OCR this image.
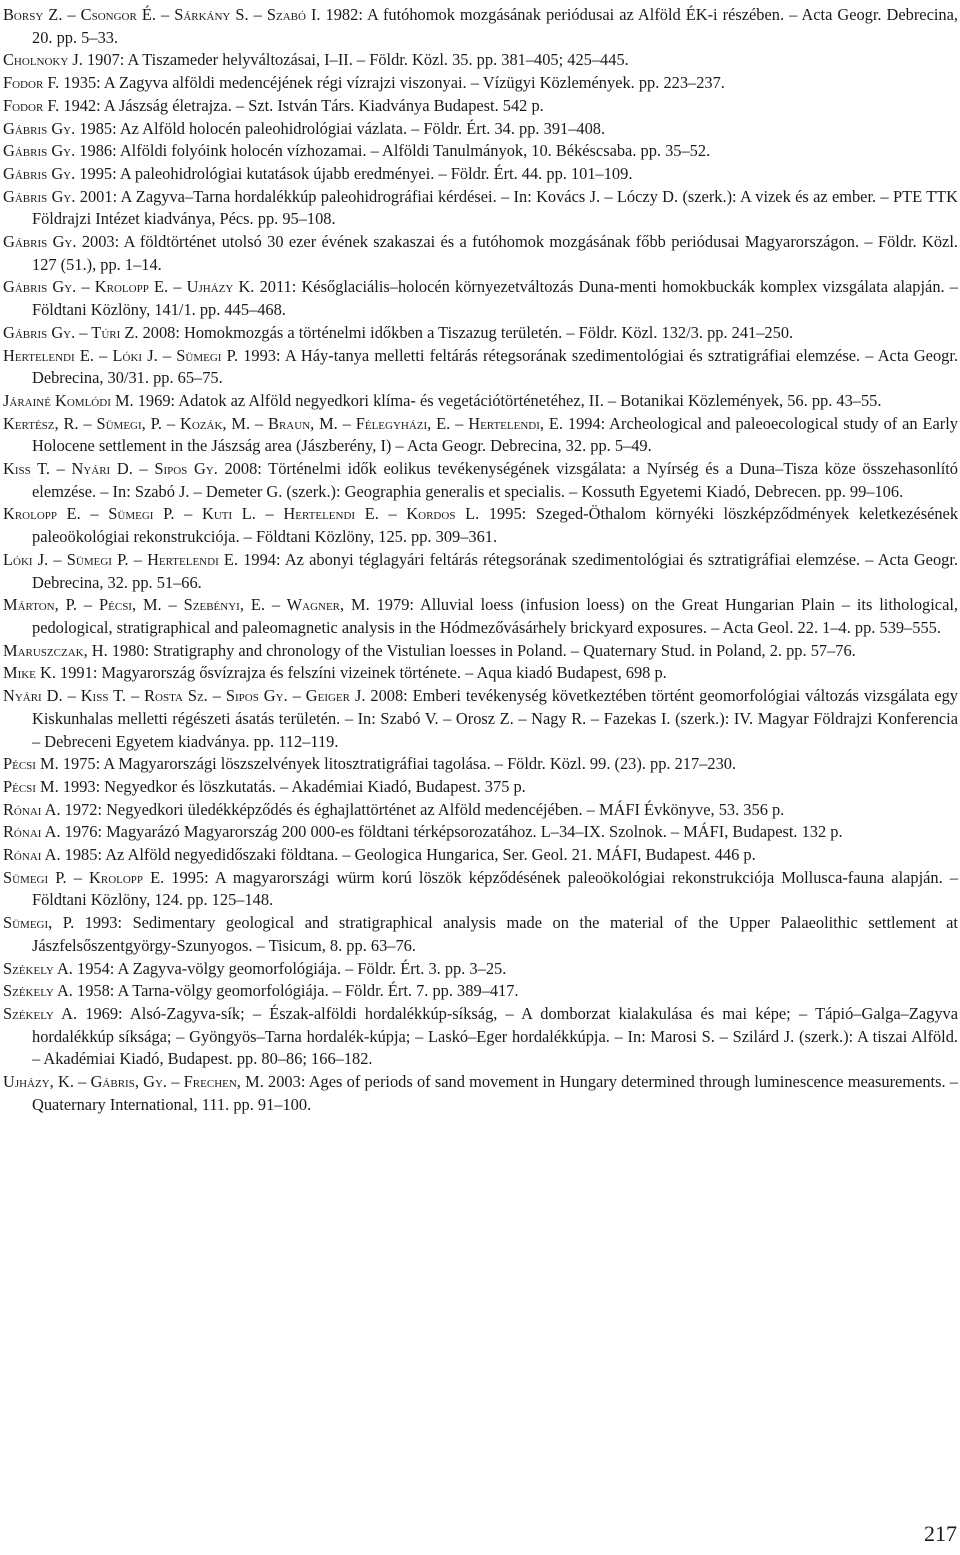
Borsy Z. – Csongor É. – Sárkány S. – Szabó I. 1982: A futóhomok mozgásának periódusai az Alföld ÉK-i részében. – Acta Geogr. Debrecina, 20. pp. 5–33.

Cholnoky J. 1907: A Tiszameder helyváltozásai, I–II. – Földr. Közl. 35. pp. 381–405; 425–445.

Fodor F. 1935: A Zagyva alföldi medencéjének régi vízrajzi viszonyai. – Vízügyi Közlemények. pp. 223–237.

Fodor F. 1942: A Jászság életrajza. – Szt. István Társ. Kiadványa Budapest. 542 p.

Gábris Gy. 1985: Az Alföld holocén paleohidrológiai vázlata. – Földr. Ért. 34. pp. 391–408.

Gábris Gy. 1986: Alföldi folyóink holocén vízhozamai. – Alföldi Tanulmányok, 10. Békéscsaba. pp. 35–52.

Gábris Gy. 1995: A paleohidrológiai kutatások újabb eredményei. – Földr. Ért. 44. pp. 101–109.

Gábris Gy. 2001: A Zagyva–Tarna hordalékkúp paleohidrográfiai kérdései. – In: Kovács J. – Lóczy D. (szerk.): A vizek és az ember. – PTE TTK Földrajzi Intézet kiadványa, Pécs. pp. 95–108.

Gábris Gy. 2003: A földtörténet utolsó 30 ezer évének szakaszai és a futóhomok mozgásának főbb periódusai Magyarországon. – Földr. Közl. 127 (51.), pp. 1–14.

Gábris Gy. – Krolopp E. – Ujházy K. 2011: Későglaciális–holocén környezetváltozás Duna-menti homokbuckák komplex vizsgálata alapján. – Földtani Közlöny, 141/1. pp. 445–468.

Gábris Gy. – Túri Z. 2008: Homokmozgás a történelmi időkben a Tiszazug területén. – Földr. Közl. 132/3. pp. 241–250.

Hertelendi E. – Lóki J. – Sümegi P. 1993: A Háy-tanya melletti feltárás rétegsorának szedimentológiai és sztratigráfiai elemzése. – Acta Geogr. Debrecina, 30/31. pp. 65–75.

Járainé Komlódi M. 1969: Adatok az Alföld negyedkori klíma- és vegetációtörténetéhez, II. – Botanikai Közlemények, 56. pp. 43–55.

Kertész, R. – Sümegi, P. – Kozák, M. – Braun, M. – Félegyházi, E. – Hertelendi, E. 1994: Archeological and paleoecological study of an Early Holocene settlement in the Jászság area (Jászberény, I) – Acta Geogr. Debrecina, 32. pp. 5–49.

Kiss T. – Nyári D. – Sipos Gy. 2008: Történelmi idők eolikus tevékenységének vizsgálata: a Nyírség és a Duna–Tisza köze összehasonlító elemzése. – In: Szabó J. – Demeter G. (szerk.): Geographia generalis et specialis. – Kossuth Egyetemi Kiadó, Debrecen. pp. 99–106.

Krolopp E. – Sümegi P. – Kuti L. – Hertelendi E. – Kordos L. 1995: Szeged-Öthalom környéki löszképződmények keletkezésének paleoökológiai rekonstrukciója. – Földtani Közlöny, 125. pp. 309–361.

Lóki J. – Sümegi P. – Hertelendi E. 1994: Az abonyi téglagyári feltárás rétegsorának szedimentológiai és sztratigráfiai elemzése. – Acta Geogr. Debrecina, 32. pp. 51–66.

Márton, P. – Pécsi, M. – Szebényi, E. – Wagner, M. 1979: Alluvial loess (infusion loess) on the Great Hungarian Plain – its lithological, pedological, stratigraphical and paleomagnetic analysis in the Hódmezővásárhely brickyard exposures. – Acta Geol. 22. 1–4. pp. 539–555.

Maruszczak, H. 1980: Stratigraphy and chronology of the Vistulian loesses in Poland. – Quaternary Stud. in Poland, 2. pp. 57–76.

Mike K. 1991: Magyarország ősvízrajza és felszíni vizeinek története. – Aqua kiadó Budapest, 698 p.

Nyári D. – Kiss T. – Rosta Sz. – Sipos Gy. – Geiger J. 2008: Emberi tevékenység következtében történt geomorfológiai változás vizsgálata egy Kiskunhalas melletti régészeti ásatás területén. – In: Szabó V. – Orosz Z. – Nagy R. – Fazekas I. (szerk.): IV. Magyar Földrajzi Konferencia – Debreceni Egyetem kiadványa. pp. 112–119.

Pécsi M. 1975: A Magyarországi löszszelvények litosztratigráfiai tagolása. – Földr. Közl. 99. (23). pp. 217–230.

Pécsi M. 1993: Negyedkor és löszkutatás. – Akadémiai Kiadó, Budapest. 375 p.

Rónai A. 1972: Negyedkori üledékképződés és éghajlattörténet az Alföld medencéjében. – MÁFI Évkönyve, 53. 356 p.

Rónai A. 1976: Magyarázó Magyarország 200 000-es földtani térképsorozatához. L–34–IX. Szolnok. – MÁFI, Budapest. 132 p.

Rónai A. 1985: Az Alföld negyedidőszaki földtana. – Geologica Hungarica, Ser. Geol. 21. MÁFI, Budapest. 446 p.

Sümegi P. – Krolopp E. 1995: A magyarországi würm korú löszök képződésének paleoökológiai rekonstrukciója Mollusca-fauna alapján. – Földtani Közlöny, 124. pp. 125–148.

Sümegi, P. 1993: Sedimentary geological and stratigraphical analysis made on the material of the Upper Palaeolithic settlement at Jászfelsőszentgyörgy-Szunyogos. – Tisicum, 8. pp. 63–76.

Székely A. 1954: A Zagyva-völgy geomorfológiája. – Földr. Ért. 3. pp. 3–25.

Székely A. 1958: A Tarna-völgy geomorfológiája. – Földr. Ért. 7. pp. 389–417.

Székely A. 1969: Alsó-Zagyva-sík; – Észak-alföldi hordalékkúp-síkság, – A domborzat kialakulása és mai képe; – Tápió–Galga–Zagyva hordalékkúp síksága; – Gyöngyös–Tarna hordalék-kúpja; – Laskó–Eger hordalékkúpja. – In: Marosi S. – Szilárd J. (szerk.): A tiszai Alföld. – Akadémiai Kiadó, Budapest. pp. 80–86; 166–182.

Ujházy, K. – Gábris, Gy. – Frechen, M. 2003: Ages of periods of sand movement in Hungary determined through luminescence measurements. – Quaternary International, 111. pp. 91–100.

217
